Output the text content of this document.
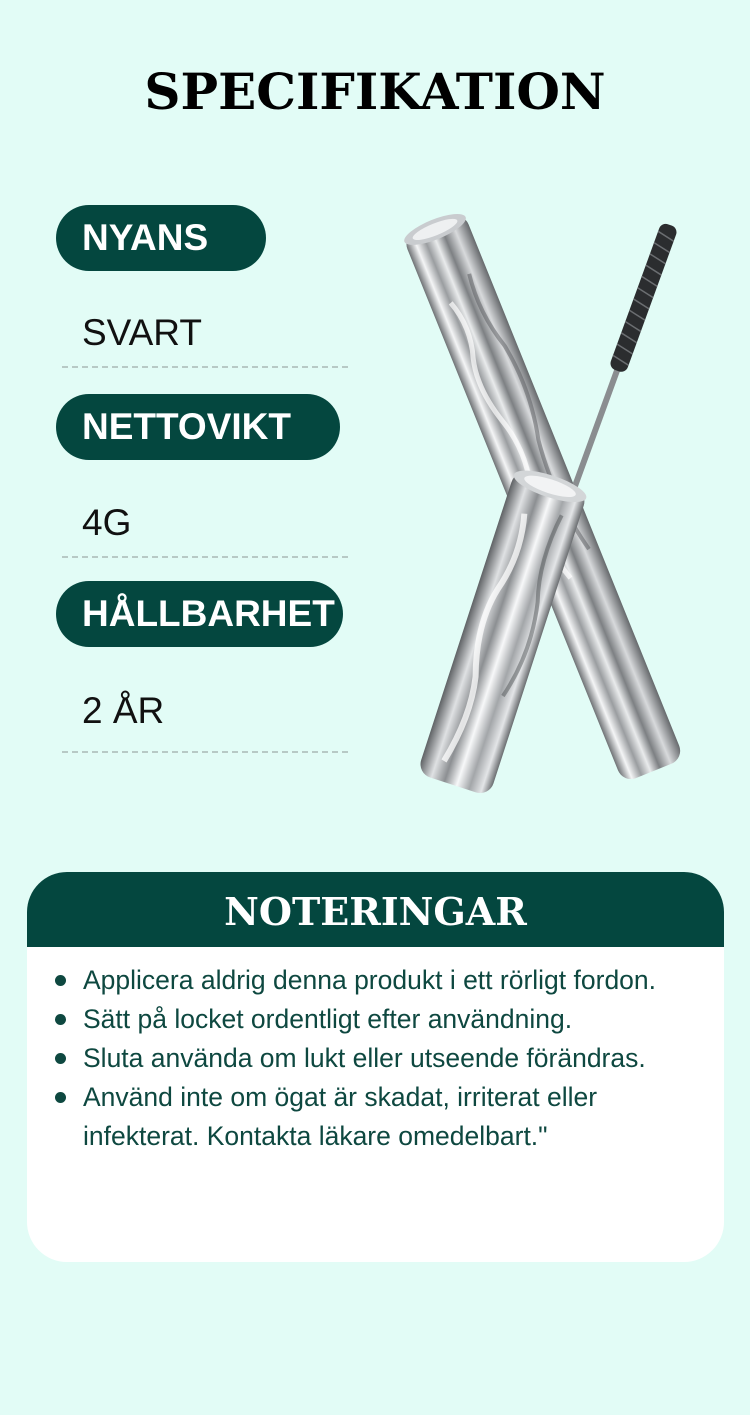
SPECIFIKATION
NYANS
SVART
NETTOVIKT
4G
HÅLLBARHET
2 ÅR
NOTERINGAR
Applicera aldrig denna produkt i ett rörligt fordon.
Sätt på locket ordentligt efter användning.
Sluta använda om lukt eller utseende förändras.
Använd inte om ögat är skadat, irriterat eller infekterat. Kontakta läkare omedelbart."
